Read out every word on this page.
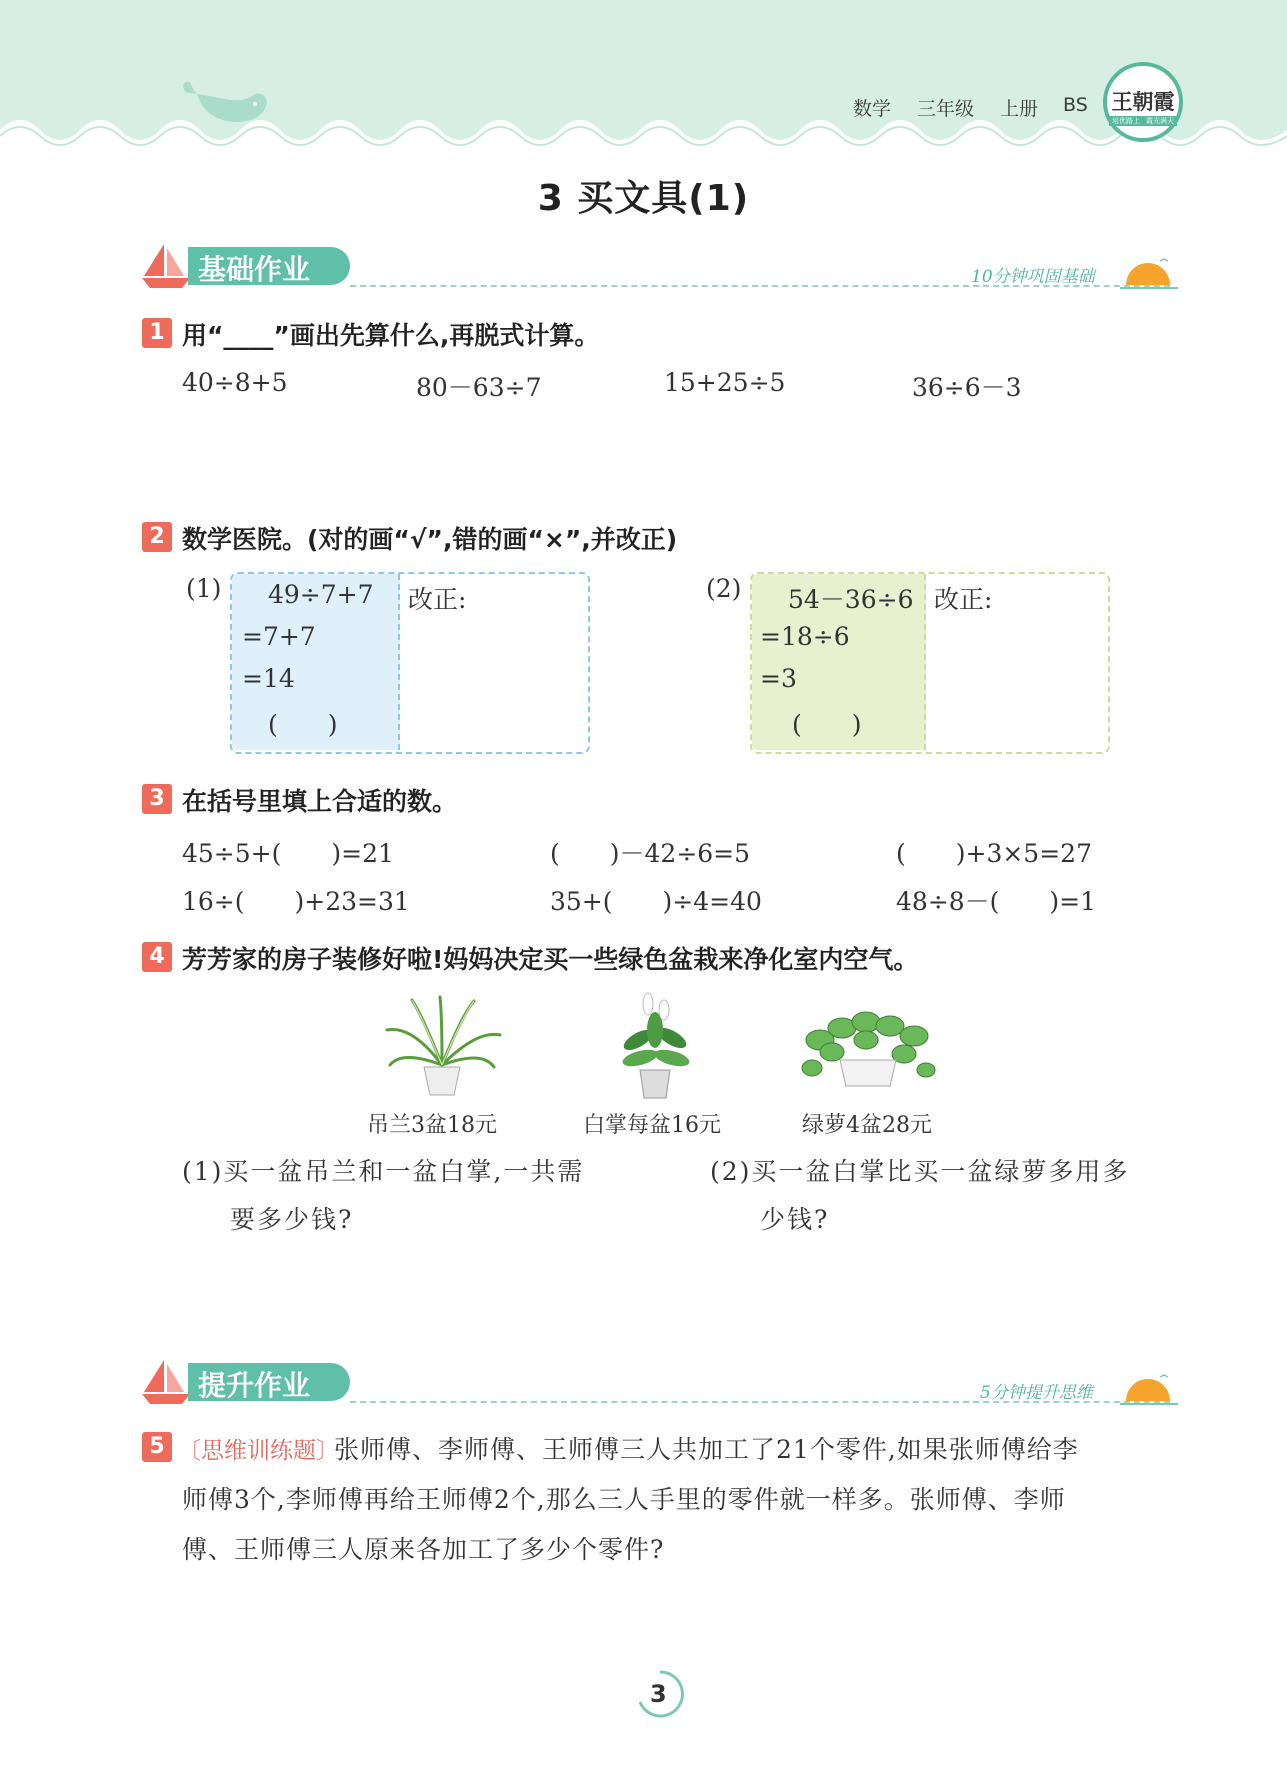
数学 三年级 上册 BS 王朝霞
培优路上 霞光满天
3 买文具(1)
基础作业	10分钟巩固基础
1 用“____”画出先算什么,再脱式计算。
40÷8+5	80－63÷7	15+25÷5	36÷6－3
2 数学医院。(对的画“√”,错的画“×”,并改正)
(1) 49÷7+7
=7+7
=14
(　　)
改正:	(2) 54－36÷6
=18÷6
=3
(　　)
改正:
3 在括号里填上合适的数。
45÷5+(　　)=21	(　　)－42÷6=5	(　　)+3×5=27
16÷(　　)+23=31	35+(　　)÷4=40	48÷8－(　　)=1
4 芳芳家的房子装修好啦!妈妈决定买一些绿色盆栽来净化室内空气。
吊兰3盆18元	白掌每盆16元	绿萝4盆28元
(1)买一盆吊兰和一盆白掌,一共需
要多少钱?
(2)买一盆白掌比买一盆绿萝多用多
少钱?
提升作业	5分钟提升思维
5 〔思维训练题〕
张师傅、李师傅、王师傅三人共加工了21个零件,如果张师傅给李
师傅3个,李师傅再给王师傅2个,那么三人手里的零件就一样多。张师傅、李师
傅、王师傅三人原来各加工了多少个零件?
3
